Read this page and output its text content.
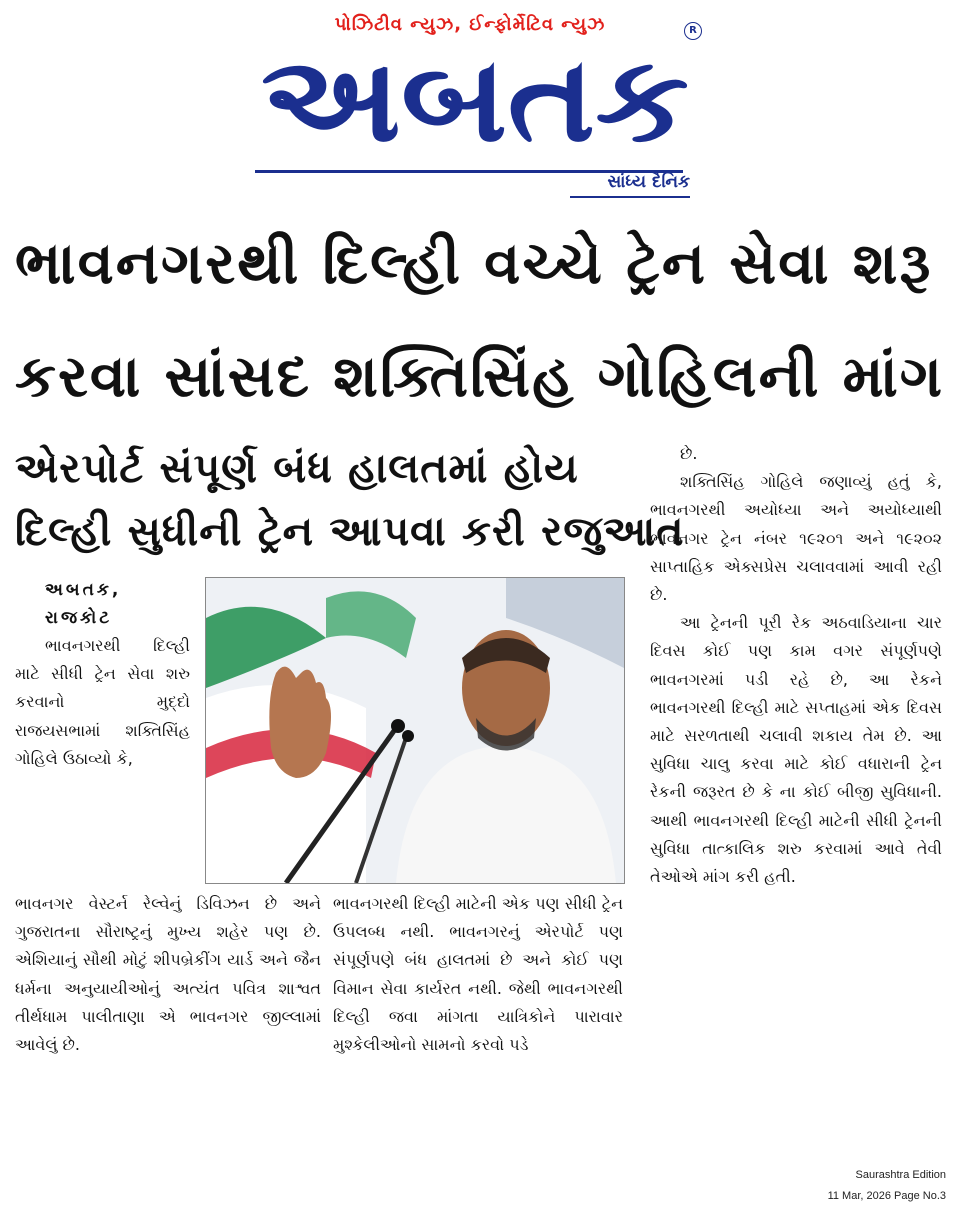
પોઝિટીવ ન્યુઝ, ઈન્ફોર્મેટિવ ન્યુઝ	R
અબતક
સાંધ્ય દૈનિક
ભાવનગરથી દિલ્હી વચ્ચે ટ્રેન સેવા શરૂ
કરવા સાંસદ શક્તિસિંહ ગોહિલની માંગ
એરપોર્ટ સંપૂર્ણ બંધ હાલતમાં હોય
દિલ્હી સુધીની ટ્રેન આપવા કરી રજુઆત
અબતક,
રાજકોટ

ભાવનગરથી દિલ્હી માટે સીધી ટ્રેન સેવા શરુ કરવાનો મુદ્દો રાજયસભામાં શક્તિસિંહ ગોહિલે ઉઠાવ્યો કે,

ભાવનગર વેસ્ટર્ન રેલ્વેનું ડિવિઝન છે અને ગુજરાતના સૌરાષ્ટ્રનું મુખ્ય શહેર પણ છે. એશિયાનું સૌથી મોટું શીપબ્રેકીંગ યાર્ડ અને જૈન ધર્મના અનુયાયીઓનું અત્યંત પવિત્ર શાશ્વત તીર્થધામ પાલીતાણા એ ભાવનગર જીલ્લામાં આવેલું છે.

ભાવનગરથી દિલ્હી માટેની એક પણ સીધી ટ્રેન ઉપલબ્ધ નથી. ભાવનગરનું એરપોર્ટ પણ સંપૂર્ણપણે બંધ હાલતમાં છે અને કોઈ પણ વિમાન સેવા કાર્યરત નથી. જેથી ભાવનગરથી દિલ્હી જવા માંગતા યાત્રિકોને પારાવાર મુશ્કેલીઓનો સામનો કરવો પડે

છે.

શક્તિસિંહ ગોહિલે જણાવ્યું હતું કે, ભાવનગરથી અયોધ્યા અને અયોધ્યાથી ભાવનગર ટ્રેન નંબર ૧૯૨૦૧ અને ૧૯૨૦૨ સાપ્તાહિક એક્સપ્રેસ ચલાવવામાં આવી રહી છે.

આ ટ્રેનની પૂરી રેક અઠવાડિયાના ચાર દિવસ કોઈ પણ કામ વગર સંપૂર્ણપણે ભાવનગરમાં પડી રહે છે, આ રેકને ભાવનગરથી દિલ્હી માટે સપ્તાહમાં એક દિવસ માટે સરળતાથી ચલાવી શકાય તેમ છે. આ સુવિધા ચાલુ કરવા માટે કોઈ વધારાની ટ્રેન રેકની જરૂરત છે કે ના કોઈ બીજી સુવિધાની. આથી ભાવનગરથી દિલ્હી માટેની સીધી ટ્રેનની સુવિધા તાત્કાલિક શરુ કરવામાં આવે તેવી તેઓએ માંગ કરી હતી.

Saurashtra Edition
11 Mar, 2026 Page No.3
